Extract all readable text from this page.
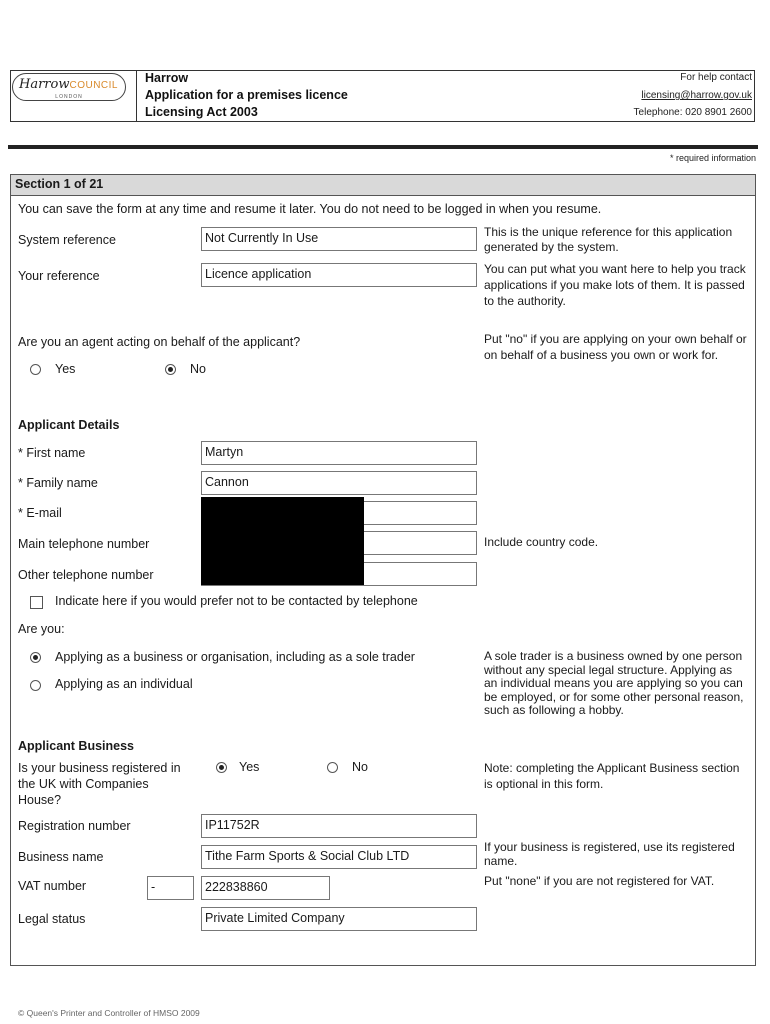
HarrowCOUNCIL
LONDON
Harrow
Application for a premises licence
Licensing Act 2003
For help contact
licensing@harrow.gov.uk
Telephone: 020 8901 2600
* required information
Section 1 of 21
You can save the form at any time and resume it later. You do not need to be logged in when you resume.
System reference	Not Currently In Use	This is the unique reference for this application generated by the system.
Your reference	Licence application	You can put what you want here to help you track applications if you make lots of them. It is passed to the authority.
Are you an agent acting on behalf of the applicant?
Yes	No
Put "no" if you are applying on your own behalf or on behalf of a business you own or work for.
Applicant Details
* First name	Martyn
* Family name	Cannon
* E-mail
Main telephone number	Include country code.
Other telephone number
Indicate here if you would prefer not to be contacted by telephone
Are you:
Applying as a business or organisation, including as a sole trader
Applying as an individual
A sole trader is a business owned by one person without any special legal structure. Applying as an individual means you are applying so you can be employed, or for some other personal reason, such as following a hobby.
Applicant Business
Is your business registered in the UK with Companies House?
Yes	No	Note: completing the Applicant Business section is optional in this form.
Registration number	IP11752R
Business name	Tithe Farm Sports & Social Club LTD
If your business is registered, use its registered name.
VAT number	-	222838860	Put "none" if you are not registered for VAT.
Legal status	Private Limited Company
© Queen's Printer and Controller of HMSO 2009
